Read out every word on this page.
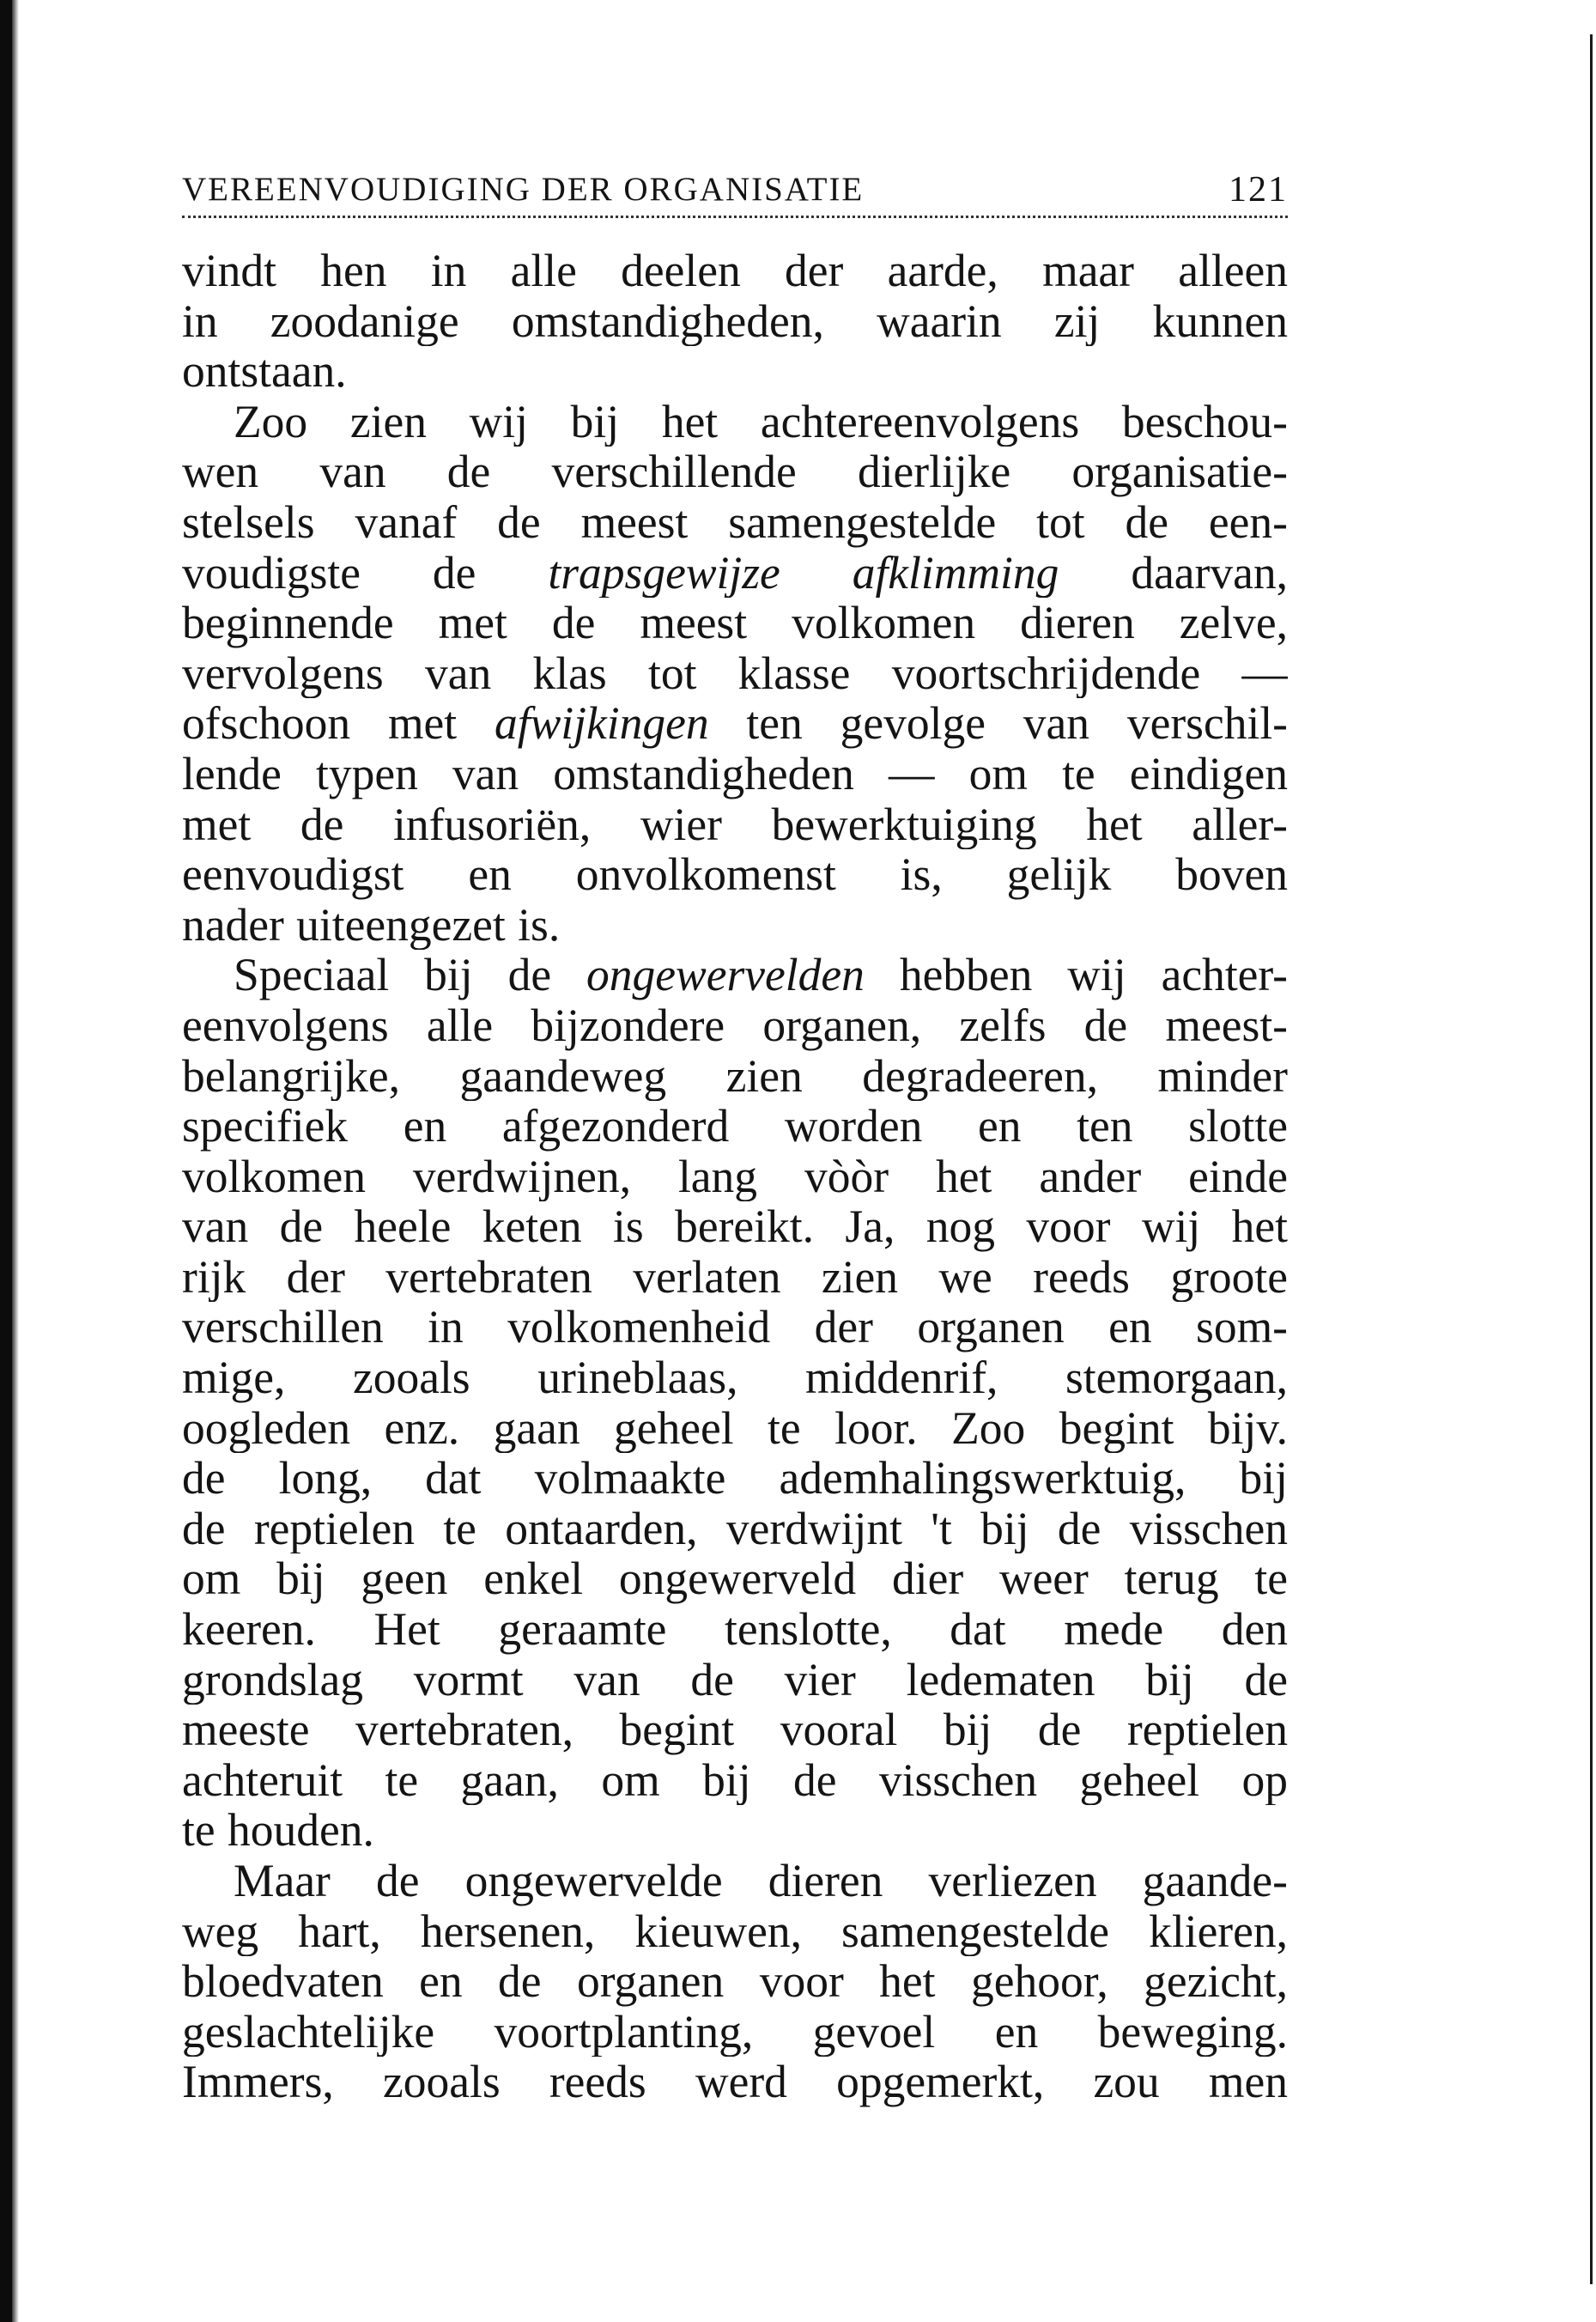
VEREENVOUDIGING DER ORGANISATIE	121

vindt hen in alle deelen der aarde, maar alleen
in zoodanige omstandigheden, waarin zij kunnen
ontstaan.

Zoo zien wij bij het achtereenvolgens beschou-
wen van de verschillende dierlijke organisatie-
stelsels vanaf de meest samengestelde tot de een-
voudigste de trapsgewijze afklimming daarvan,
beginnende met de meest volkomen dieren zelve,
vervolgens van klas tot klasse voortschrijdende —
ofschoon met afwijkingen ten gevolge van verschil-
lende typen van omstandigheden — om te eindigen
met de infusoriën, wier bewerktuiging het aller-
eenvoudigst en onvolkomenst is, gelijk boven
nader uiteengezet is.

Speciaal bij de ongewervelden hebben wij achter-
eenvolgens alle bijzondere organen, zelfs de meest-
belangrijke, gaandeweg zien degradeeren, minder
specifiek en afgezonderd worden en ten slotte
volkomen verdwijnen, lang vòòr het ander einde
van de heele keten is bereikt. Ja, nog voor wij het
rijk der vertebraten verlaten zien we reeds groote
verschillen in volkomenheid der organen en som-
mige, zooals urineblaas, middenrif, stemorgaan,
oogleden enz. gaan geheel te loor. Zoo begint bijv.
de long, dat volmaakte ademhalingswerktuig, bij
de reptielen te ontaarden, verdwijnt 't bij de visschen
om bij geen enkel ongewerveld dier weer terug te
keeren. Het geraamte tenslotte, dat mede den
grondslag vormt van de vier ledematen bij de
meeste vertebraten, begint vooral bij de reptielen
achteruit te gaan, om bij de visschen geheel op
te houden.

Maar de ongewervelde dieren verliezen gaande-
weg hart, hersenen, kieuwen, samengestelde klieren,
bloedvaten en de organen voor het gehoor, gezicht,
geslachtelijke voortplanting, gevoel en beweging.
Immers, zooals reeds werd opgemerkt, zou men
